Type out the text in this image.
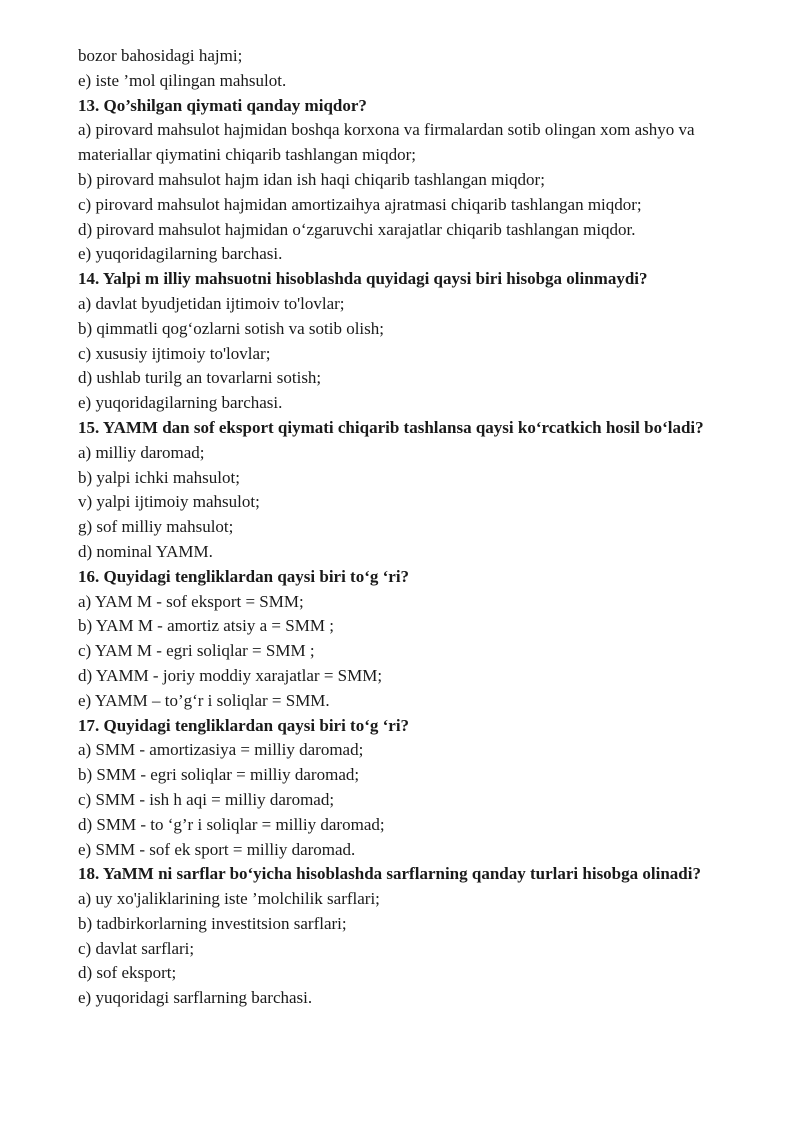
bozor bahosidagi hajmi;
e) iste ’mol qilingan mahsulot.
13. Qo’shilgan qiymati qanday miqdor?
a) pirovard mahsulot hajmidan boshqa korxona va firmalardan sotib olingan xom ashyo va materiallar qiymatini chiqarib tashlangan miqdor;
b) pirovard mahsulot hajm idan ish haqi chiqarib tashlangan miqdor;
c) pirovard mahsulot hajmidan amortizaihya ajratmasi chiqarib tashlangan miqdor;
d) pirovard mahsulot hajmidan o‘zgaruvchi xarajatlar chiqarib tashlangan miqdor.
e) yuqoridagilarning barchasi.
14. Yalpi m illiy mahsuotni hisoblashda quyidagi qaysi biri hisobga olinmaydi?
a) davlat byudjetidan ijtimoiv to'lovlar;
b) qimmatli qog‘ozlarni sotish va sotib olish;
c) xususiy ijtimoiy to'lovlar;
d) ushlab turilg an tovarlarni sotish;
e) yuqoridagilarning barchasi.
15. YAMM dan sof eksport qiymati chiqarib tashlansa qaysi ko‘rcatkich hosil bo‘ladi?
a) milliy daromad;
b) yalpi ichki mahsulot;
v) yalpi ijtimoiy mahsulot;
g) sof milliy mahsulot;
d) nominal YAMM.
16. Quyidagi tengliklardan qaysi biri to‘g ‘ri?
a) YAM M - sof eksport = SMM;
b) YAM M - amortiz atsiy a = SMM ;
c) YAM M - egri soliqlar = SMM ;
d) YAMM - joriy moddiy xarajatlar = SMM;
e) YAMM – to’g‘r i soliqlar = SMM.
17. Quyidagi tengliklardan qaysi biri to‘g ‘ri?
a) SMM - amortizasiya = milliy daromad;
b) SMM - egri soliqlar = milliy daromad;
c) SMM - ish h aqi = milliy daromad;
d) SMM - to ‘g’r i soliqlar = milliy daromad;
e) SMM - sof ek sport = milliy daromad.
18. YaMM ni sarflar bo‘yicha hisoblashda sarflarning qanday turlari hisobga olinadi?
a) uy xo'jaliklarining iste ’molchilik sarflari;
b) tadbirkorlarning investitsion sarflari;
c) davlat sarflari;
d) sof eksport;
e) yuqoridagi sarflarning barchasi.
